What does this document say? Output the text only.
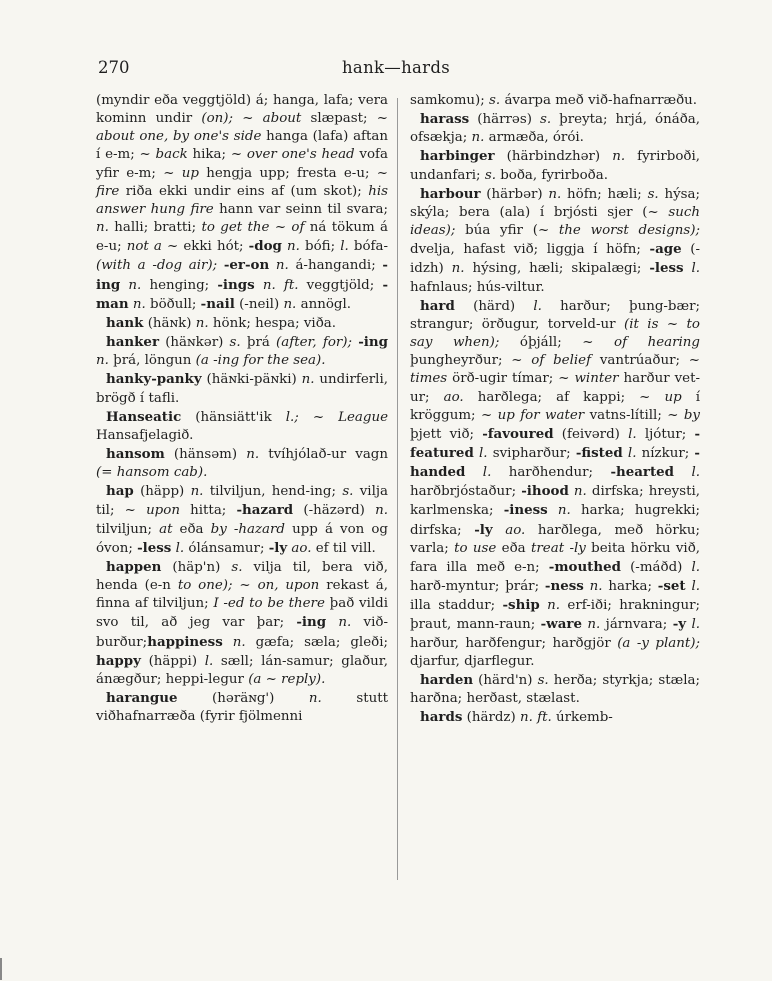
270	hank—hards

(myndir eða veggtjöld) á; hanga, lafa; vera kominn undir (on); ~ about slæpast; ~ about one, by one's side hanga (lafa) aftan í e-m; ~ back hika; ~ over one's head vofa yfir e-m; ~ up hengja upp; fresta e-u; ~ fire riða ekki undir eins af (um skot); his answer hung fire hann var seinn til svara; n. halli; bratti; to get the ~ of ná tökum á e-u; not a ~ ekki hót; -dog n. bófi; l. bófa- (with a -dog air); -er-on n. á-hangandi; -ing n. henging; -ings n. ft. veggtjöld; -man n. böðull; -nail (-neil) n. annögl.

hank (häɴk) n. hönk; hespa; viða.

hanker (häɴkər) s. þrá (after, for); -ing n. þrá, löngun (a -ing for the sea).

hanky-panky (häɴki-päɴki) n. undirferli, brögð í tafli.

Hanseatic (hänsiätt'ik l.; ~ League Hansafjelagið.

hansom (hänsəm) n. tvíhjólað-ur vagn (= hansom cab).

hap (häpp) n. tilviljun, hend-ing; s. vilja til; ~ upon hitta; -hazard (-häzərd) n. tilviljun; at eða by -hazard upp á von og óvon; -less l. ólánsamur; -ly ao. ef til vill.

happen (häp'n) s. vilja til, bera við, henda (e-n to one); ~ on, upon rekast á, finna af tilviljun; I -ed to be there það vildi svo til, að jeg var þar; -ing n. við-burður;happiness n. gæfa; sæla; gleði; happy (häppi) l. sæll; lán-samur; glaður, ánægður; heppi-legur (a ~ reply).

harangue (həräɴg') n. stutt viðhafnarræða (fyrir fjölmenni

samkomu); s. ávarpa með við-hafnarræðu.

harass (härrəs) s. þreyta; hrjá, ónáða, ofsækja; n. armæða, órói.

harbinger (härbindzhər) n. fyrirboði, undanfari; s. boða, fyrirboða.

harbour (härbər) n. höfn; hæli; s. hýsa; skýla; bera (ala) í brjósti sjer (~ such ideas); búa yfir (~ the worst designs); dvelja, hafast við; liggja í höfn; -age (-idzh) n. hýsing, hæli; skipalægi; -less l. hafnlaus; hús-viltur.

hard (härd) l. harður; þung-bær; strangur; örðugur, torveld-ur (it is ~ to say when); óþjáll; ~ of hearing þungheyrður; ~ of belief vantrúaður; ~ times örð-ugir tímar; ~ winter harður vet-ur; ao. harðlega; af kappi; ~ up í kröggum; ~ up for water vatns-lítill; ~ by þjett við; -favoured (feivərd) l. ljótur; -featured l. svipharður; -fisted l. nízkur; -handed l. harðhendur; -hearted l. harðbrjóstaður; -ihood n. dirfska; hreysti, karlmenska; -iness n. harka; hugrekki; dirfska; -ly ao. harðlega, með hörku; varla; to use eða treat -ly beita hörku við, fara illa með e-n; -mouthed (-máðd) l. harð-myntur; þrár; -ness n. harka; -set l. illa staddur; -ship n. erf-iði; hrakningur; þraut, mann-raun; -ware n. járnvara; -y l. harður, harðfengur; harðgjör (a -y plant); djarfur, djarflegur.

harden (härd'n) s. herða; styrkja; stæla; harðna; herðast, stælast.

hards (härdz) n. ft. úrkemb-
